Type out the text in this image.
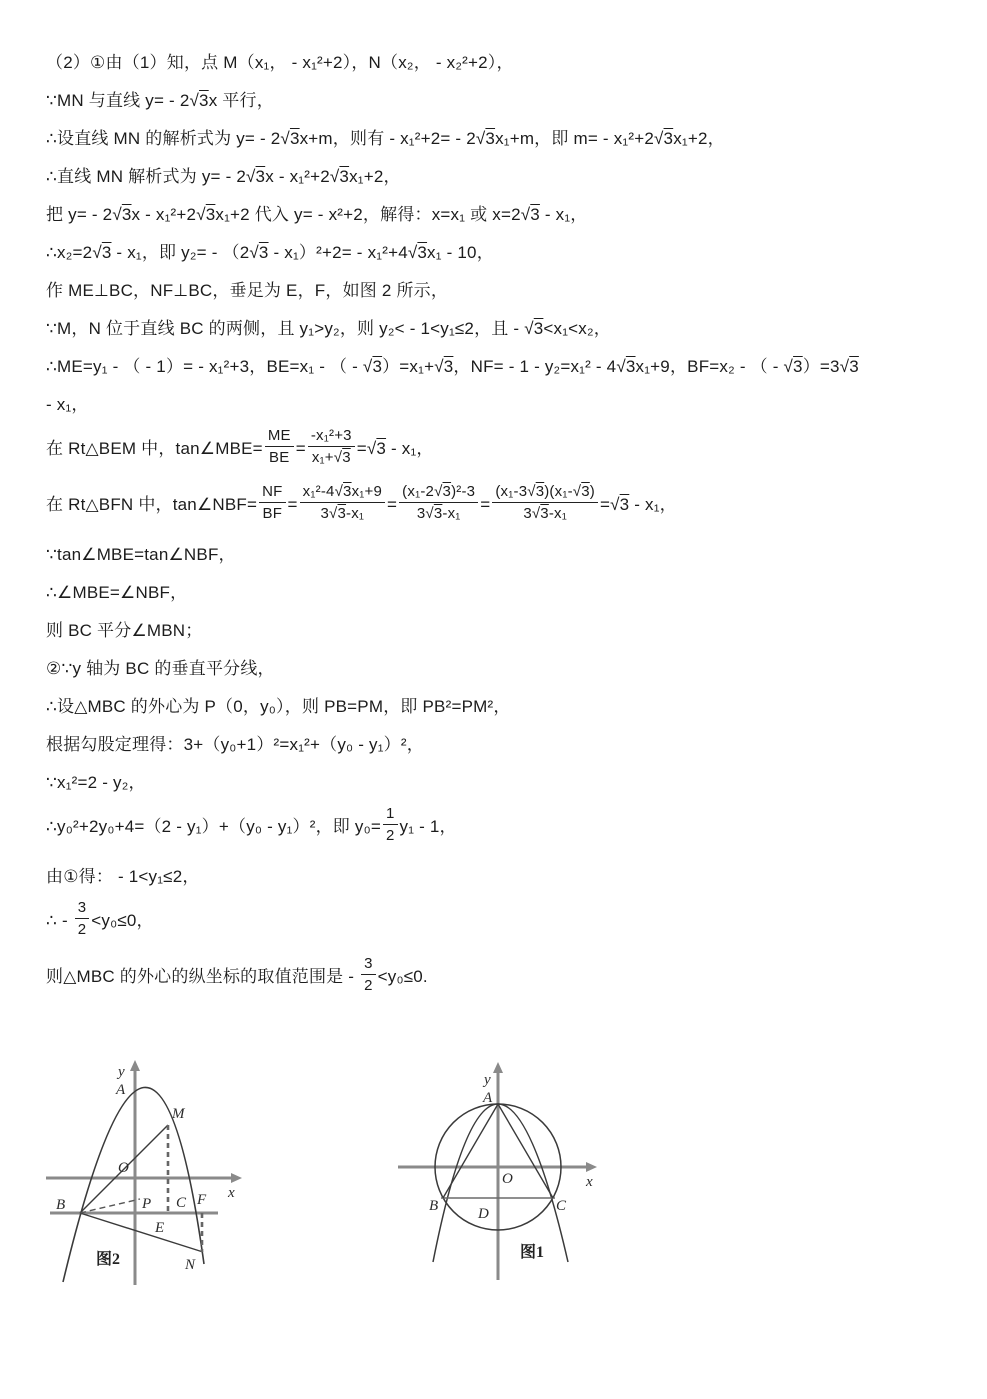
（2）①由（1）知，点 M（x₁， - x₁²+2），N（x₂， - x₂²+2），
∵MN 与直线 y= - 2√3x 平行，
∴设直线 MN 的解析式为 y= - 2√3x+m，则有 - x₁²+2= - 2√3x₁+m，即 m= - x₁²+2√3x₁+2，
∴直线 MN 解析式为 y= - 2√3x - x₁²+2√3x₁+2，
把 y= - 2√3x - x₁²+2√3x₁+2 代入 y= - x²+2，解得：x=x₁ 或 x=2√3 - x₁，
∴x₂=2√3 - x₁，即 y₂= - （2√3 - x₁）²+2= - x₁²+4√3x₁ - 10，
作 ME⊥BC，NF⊥BC，垂足为 E，F，如图 2 所示，
∵M，N 位于直线 BC 的两侧，且 y₁>y₂，则 y₂< - 1<y₁≤2，且 - √3<x₁<x₂，
∴ME=y₁ - （ - 1）= - x₁²+3，BE=x₁ - （ - √3）=x₁+√3，NF= - 1 - y₂=x₁² - 4√3x₁+9，BF=x₂ - （ - √3）=3√3
- x₁，
在 Rt△BEM 中，tan∠MBE= $\frac{ME}{BE} = \frac{\text{-x₁²+3}}{\text{x₁+√3}} =√3 - x_1$，
在 Rt△BFN 中，tan∠NBF= $\frac{NF}{BF} = \frac{\text{x₁²-4√3x₁+9}}{\text{3√3-x₁}} = \frac{\text{(x₁-2√3)²-3}}{\text{3√3-x₁}} = \frac{\text{(x₁-3√3)(x₁-√3)}}{\text{3√3-x₁}} =√3 - x_1$，
∵tan∠MBE=tan∠NBF，
∴∠MBE=∠NBF，
则 BC 平分∠MBN；
②∵y 轴为 BC 的垂直平分线，
∴设△MBC 的外心为 P（0，y₀），则 PB=PM，即 PB²=PM²，
根据勾股定理得：3+（y₀+1）²=x₁²+（y₀ - y₁）²，
∵x₁²=2 - y₂，
∴y₀²+2y₀+4=（2 - y₁）+（y₀ - y₁）²，即 $y_0= \frac{1}{2} y_1 - 1$，
由①得： - 1<y₁≤2，
∴ - $\frac{3}{2} <y_0\le 0$，
则△MBC 的外心的纵坐标的取值范围是 - $\frac{3}{2} <y_0\le 0$.
y
A
M
O
x
B	P C F
E
N
图2
y
A
O	x
B	D	C
图1
